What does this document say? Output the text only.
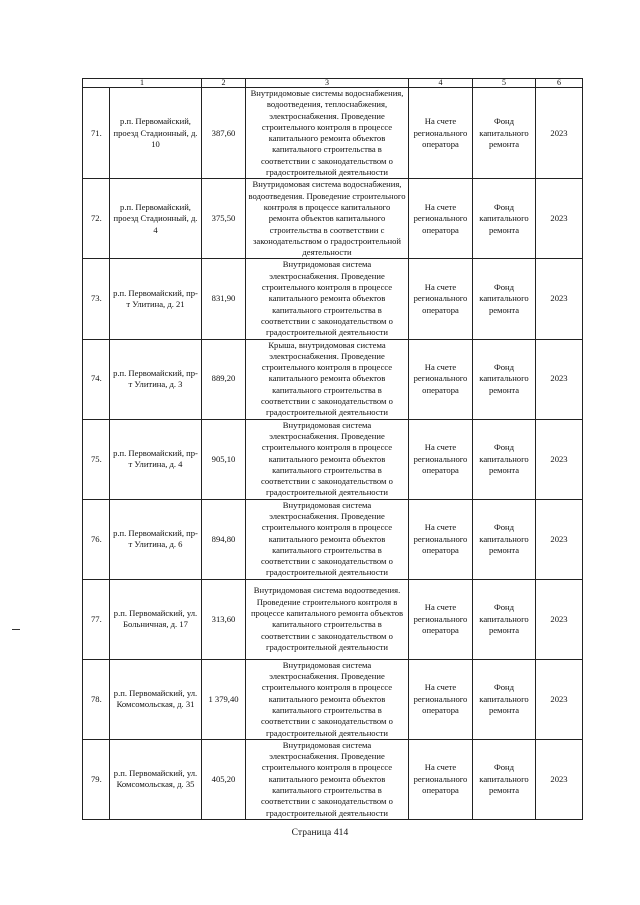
1		2	3	4	5	6
71.	р.п. Первомайский, проезд Стадионный, д. 10	387,60	Внутридомовые системы водоснабжения, водоотведения, теплоснабжения, электроснабжения. Проведение строительного контроля в процессе капитального ремонта объектов капитального строительства в соответствии с законодательством о градостроительной деятельности	На счете регионального оператора	Фонд капитального ремонта	2023
72.	р.п. Первомайский, проезд Стадионный, д. 4	375,50	Внутридомовая система водоснабжения, водоотведения. Проведение строительного контроля в процессе капитального ремонта объектов капитального строительства в соответствии с законодательством о градостроительной деятельности	На счете регионального оператора	Фонд капитального ремонта	2023
73.	р.п. Первомайский, пр-т Улитина, д. 21	831,90	Внутридомовая система электроснабжения. Проведение строительного контроля в процессе капитального ремонта объектов капитального строительства в соответствии с законодательством о градостроительной деятельности	На счете регионального оператора	Фонд капитального ремонта	2023
74.	р.п. Первомайский, пр-т Улитина, д. 3	889,20	Крыша, внутридомовая система электроснабжения. Проведение строительного контроля в процессе капитального ремонта объектов капитального строительства в соответствии с законодательством о градостроительной деятельности	На счете регионального оператора	Фонд капитального ремонта	2023
75.	р.п. Первомайский, пр-т Улитина, д. 4	905,10	Внутридомовая система электроснабжения. Проведение строительного контроля в процессе капитального ремонта объектов капитального строительства в соответствии с законодательством о градостроительной деятельности	На счете регионального оператора	Фонд капитального ремонта	2023
76.	р.п. Первомайский, пр-т Улитина, д. 6	894,80	Внутридомовая система электроснабжения. Проведение строительного контроля в процессе капитального ремонта объектов капитального строительства в соответствии с законодательством о градостроительной деятельности	На счете регионального оператора	Фонд капитального ремонта	2023
77.	р.п. Первомайский, ул. Больничная, д. 17	313,60	Внутридомовая система водоотведения. Проведение строительного контроля в процессе капитального ремонта объектов капитального строительства в соответствии с законодательством о градостроительной деятельности	На счете регионального оператора	Фонд капитального ремонта	2023
78.	р.п. Первомайский, ул. Комсомольская, д. 31	1 379,40	Внутридомовая система электроснабжения. Проведение строительного контроля в процессе капитального ремонта объектов капитального строительства в соответствии с законодательством о градостроительной деятельности	На счете регионального оператора	Фонд капитального ремонта	2023
79.	р.п. Первомайский, ул. Комсомольская, д. 35	405,20	Внутридомовая система электроснабжения. Проведение строительного контроля в процессе капитального ремонта объектов капитального строительства в соответствии с законодательством о градостроительной деятельности	На счете регионального оператора	Фонд капитального ремонта	2023
Страница 414
